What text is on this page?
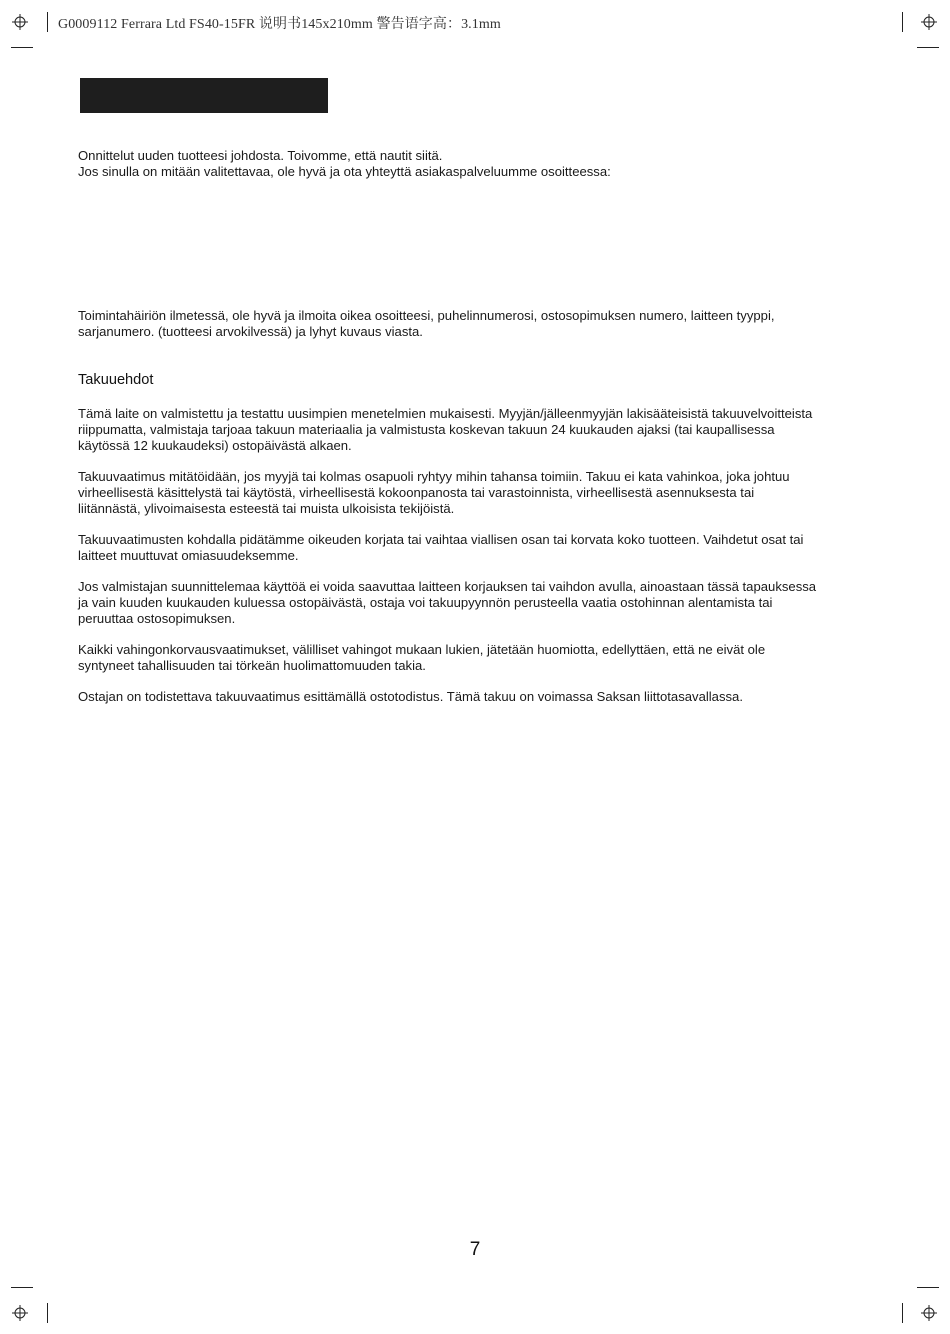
G0009112 Ferrara Ltd FS40-15FR 说明书145x210mm 警告语字高：3.1mm

Onnittelut uuden tuotteesi johdosta. Toivomme, että nautit siitä.

Jos sinulla on mitään valitettavaa, ole hyvä ja ota yhteyttä asiakaspalveluumme osoitteessa:

Toimintahäiriön ilmetessä, ole hyvä ja ilmoita oikea osoitteesi, puhelinnumerosi, ostosopimuksen numero, laitteen tyyppi, sarjanumero. (tuotteesi arvokilvessä) ja lyhyt kuvaus viasta.

Takuuehdot

Tämä laite on valmistettu ja testattu uusimpien menetelmien mukaisesti. Myyjän/jälleenmyyjän lakisääteisistä takuuvelvoitteista riippumatta, valmistaja tarjoaa takuun materiaalia ja valmistusta koskevan takuun 24 kuukauden ajaksi (tai kaupallisessa käytössä 12 kuukaudeksi) ostopäivästä alkaen.

Takuuvaatimus mitätöidään, jos myyjä tai kolmas osapuoli ryhtyy mihin tahansa toimiin. Takuu ei kata vahinkoa, joka johtuu virheellisestä käsittelystä tai käytöstä, virheellisestä kokoonpanosta tai varastoinnista, virheellisestä asennuksesta tai liitännästä, ylivoimaisesta esteestä tai muista ulkoisista tekijöistä.

Takuuvaatimusten kohdalla pidätämme oikeuden korjata tai vaihtaa viallisen osan tai korvata koko tuotteen. Vaihdetut osat tai laitteet muuttuvat omiasuudeksemme.

Jos valmistajan suunnittelemaa käyttöä ei voida saavuttaa laitteen korjauksen tai vaihdon avulla, ainoastaan tässä tapauksessa ja vain kuuden kuukauden kuluessa ostopäivästä, ostaja voi takuupyynnön perusteella vaatia ostohinnan alentamista tai peruuttaa ostosopimuksen.

Kaikki vahingonkorvausvaatimukset, välilliset vahingot mukaan lukien, jätetään huomiotta, edellyttäen, että ne eivät ole syntyneet tahallisuuden tai törkeän huolimattomuuden takia.

Ostajan on todistettava takuuvaatimus esittämällä ostotodistus. Tämä takuu on voimassa Saksan liittotasavallassa.

7
